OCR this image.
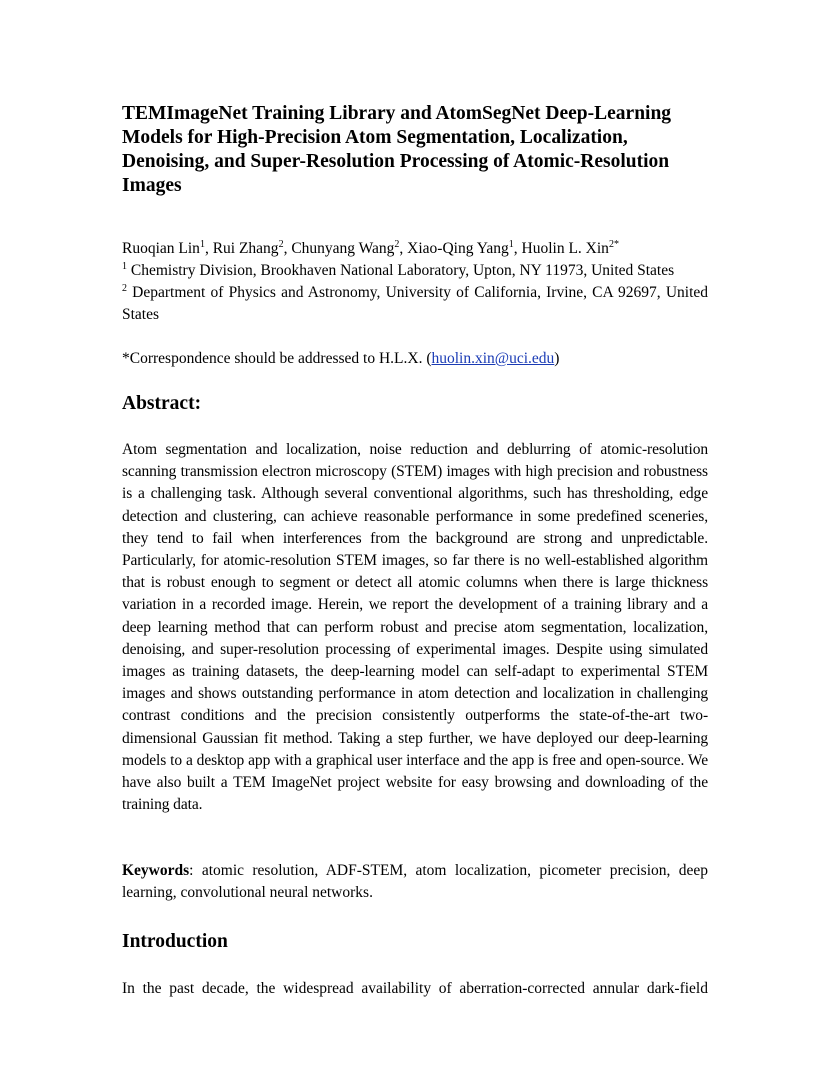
TEMImageNet Training Library and AtomSegNet Deep-Learning Models for High-Precision Atom Segmentation, Localization, Denoising, and Super-Resolution Processing of Atomic-Resolution Images
Ruoqian Lin$^1$, Rui Zhang$^2$, Chunyang Wang$^2$, Xiao-Qing Yang$^1$, Huolin L. Xin$^{2*}$
$^1$ Chemistry Division, Brookhaven National Laboratory, Upton, NY 11973, United States
$^2$ Department of Physics and Astronomy, University of California, Irvine, CA 92697, United States
*Correspondence should be addressed to H.L.X. (huolin.xin@uci.edu)
Abstract:

Atom segmentation and localization, noise reduction and deblurring of atomic-resolution scanning transmission electron microscopy (STEM) images with high precision and robustness is a challenging task. Although several conventional algorithms, such has thresholding, edge detection and clustering, can achieve reasonable performance in some predefined sceneries, they tend to fail when interferences from the background are strong and unpredictable. Particularly, for atomic-resolution STEM images, so far there is no well-established algorithm that is robust enough to segment or detect all atomic columns when there is large thickness variation in a recorded image. Herein, we report the development of a training library and a deep learning method that can perform robust and precise atom segmentation, localization, denoising, and super-resolution processing of experimental images. Despite using simulated images as training datasets, the deep-learning model can self-adapt to experimental STEM images and shows outstanding performance in atom detection and localization in challenging contrast conditions and the precision consistently outperforms the state-of-the-art two-dimensional Gaussian fit method. Taking a step further, we have deployed our deep-learning models to a desktop app with a graphical user interface and the app is free and open-source. We have also built a TEM ImageNet project website for easy browsing and downloading of the training data.

Keywords: atomic resolution, ADF-STEM, atom localization, picometer precision, deep learning, convolutional neural networks.
Introduction

In the past decade, the widespread availability of aberration-corrected annular dark-field
